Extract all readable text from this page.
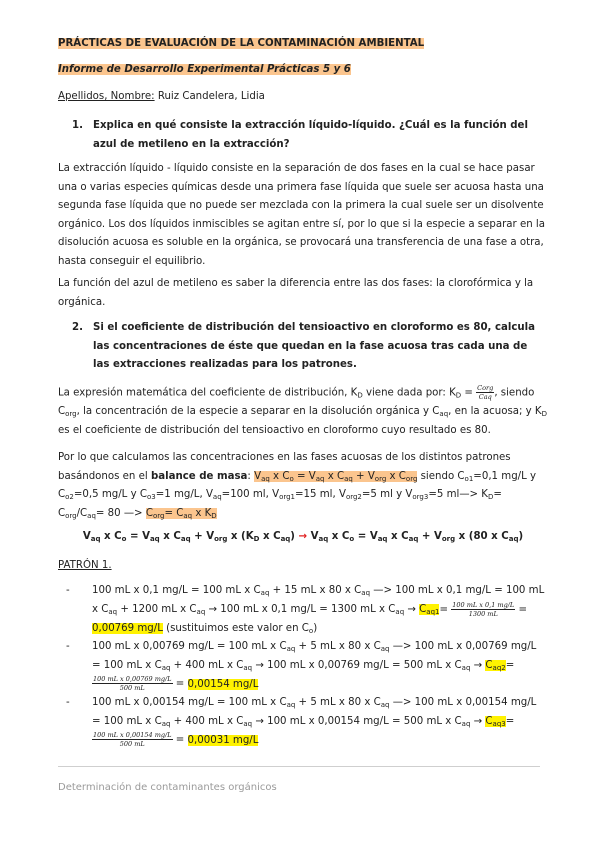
PRÁCTICAS DE EVALUACIÓN DE LA CONTAMINACIÓN AMBIENTAL
Informe de Desarrollo Experimental Prácticas 5 y 6
Apellidos, Nombre: Ruiz Candelera, Lidia
1. Explica en qué consiste la extracción líquido-líquido. ¿Cuál es la función del azul de metileno en la extracción?
La extracción líquido - líquido consiste en la separación de dos fases en la cual se hace pasar una o varias especies químicas desde una primera fase líquida que suele ser acuosa hasta una segunda fase líquida que no puede ser mezclada con la primera la cual suele ser un disolvente orgánico. Los dos líquidos inmiscibles se agitan entre sí, por lo que si la especie a separar en la disolución acuosa es soluble en la orgánica, se provocará una transferencia de una fase a otra, hasta conseguir el equilibrio.
La función del azul de metileno es saber la diferencia entre las dos fases: la clorofórmica y la orgánica.
2. Si el coeficiente de distribución del tensioactivo en cloroformo es 80, calcula las concentraciones de éste que quedan en la fase acuosa tras cada una de las extracciones realizadas para los patrones.
La expresión matemática del coeficiente de distribución, $K_D$ viene dada por: $K_D = \frac{\text{Corg}}{\text{Caq}}$ , siendo $C_{org}$, la concentración de la especie a separar en la disolución orgánica y $C_{aq}$, en la acuosa; y $K_D$ es el coeficiente de distribución del tensioactivo en cloroformo cuyo resultado es 80.
Por lo que calculamos las concentraciones en las fases acuosas de los distintos patrones basándonos en el balance de masa: $V_{aq}$ x $C_o = V_{aq}$ x $C_{aq} + V_{org}$ x $C_{org}$ siendo $C_{o1}=0,1$ mg/L y $C_{o2}=0,5$ mg/L y $C_{o3}=1$ mg/L, $V_{aq}=100$ ml, $V_{org1}=15$ ml, $V_{org2}=5$ ml y $V_{org3}=5$ ml—> $K_D= C_{org}/C_{aq}= 80$ —> $C_{org}= C_{aq}$ x $K_D$
$V_{aq}$ x $C_o = V_{aq}$ x $C_{aq} + V_{org}$ x ($K_D$ x $C_{aq}) \to V_{aq}$ x $C_o = V_{aq}$ x $C_{aq} + V_{org}$ x (80 x $C_{aq}$)
PATRÓN 1.
- 100 mL x 0,1 mg/L = 100 mL x $C_{aq} + 15$ mL x 80 x $C_{aq}$ —> 100 mL x 0,1 mg/L = 100 mL x $C_{aq} + 1200$ mL x $C_{aq} \to 100$ mL x 0,1 mg/L = 1300 mL x $C_{aq} \to C_{aq1}= \frac{\text{100 mL x 0,1 mg/L}}{1300 mL} = 0,00769$ mg/L (sustituimos este valor en $C_o$)
- 100 mL x 0,00769 mg/L = 100 mL x $C_{aq} + 5$ mL x 80 x $C_{aq}$ —> 100 mL x 0,00769 mg/L = 100 mL x $C_{aq} + 400$ mL x $C_{aq} \to 100$ mL x 0,00769 mg/L = 500 mL x $C_{aq} \to C_{aq2}=$
$\frac{\text{100 mL x 0,00769 mg/L}}{500 mL} = 0,00154$ mg/L
- 100 mL x 0,00154 mg/L = 100 mL x $C_{aq} + 5$ mL x 80 x $C_{aq}$ —> 100 mL x 0,00154 mg/L = 100 mL x $C_{aq} + 400$ mL x $C_{aq} \to 100$ mL x 0,00154 mg/L = 500 mL x $C_{aq} \to C_{aq3}=$
$\frac{\text{100 mL x 0,00154 mg/L}}{500 mL} = 0,00031$ mg/L
Determinación de contaminantes orgánicos
